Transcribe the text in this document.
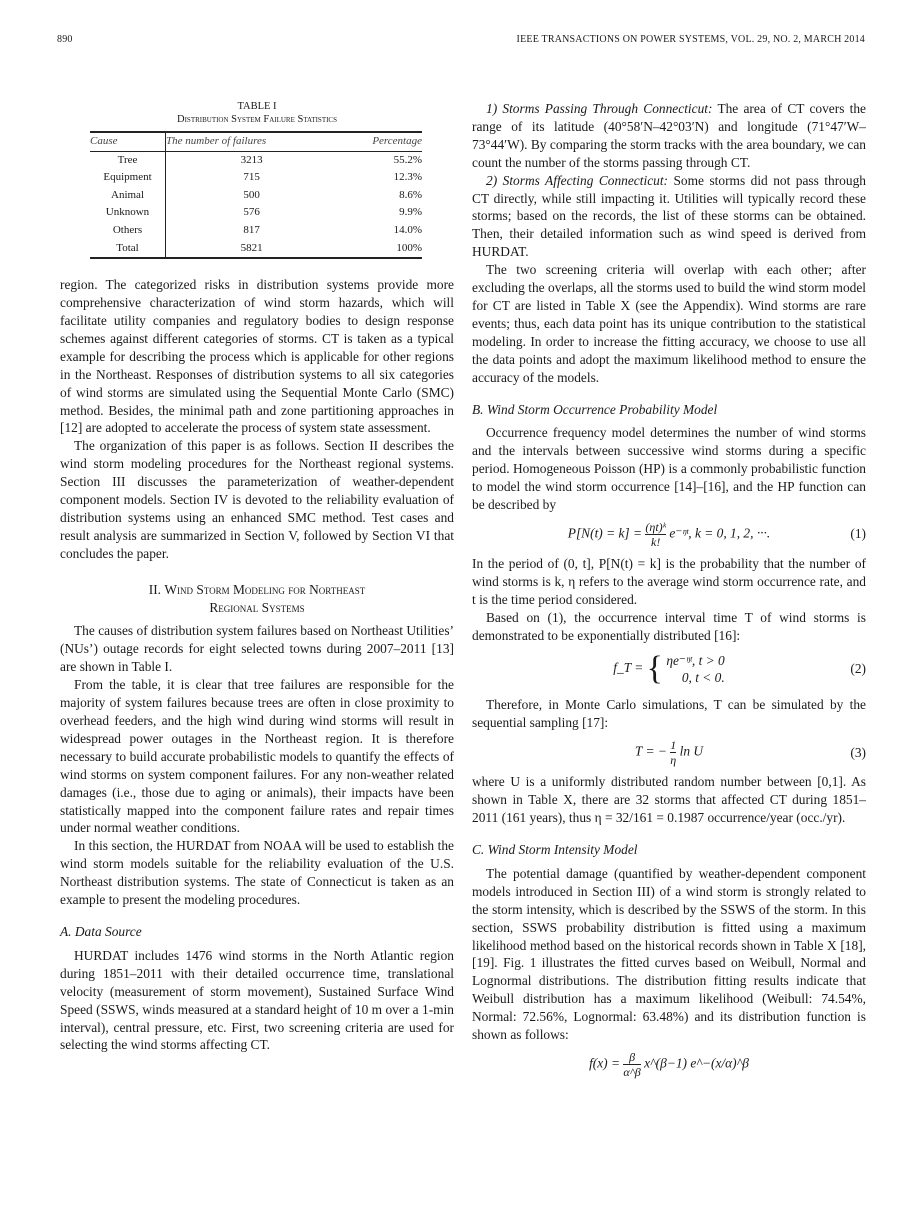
890	IEEE TRANSACTIONS ON POWER SYSTEMS, VOL. 29, NO. 2, MARCH 2014
TABLE I
Distribution System Failure Statistics
Cause	The number of failures	Percentage
Tree	3213	55.2%
Equipment	715	12.3%
Animal	500	8.6%
Unknown	576	9.9%
Others	817	14.0%
Total	5821	100%

region. The categorized risks in distribution systems provide more comprehensive characterization of wind storm hazards, which will facilitate utility companies and regulatory bodies to design response schemes against different categories of storms. CT is taken as a typical example for describing the process which is applicable for other regions in the Northeast. Responses of distribution systems to all six categories of wind storms are simulated using the Sequential Monte Carlo (SMC) method. Besides, the minimal path and zone partitioning approaches in [12] are adopted to accelerate the process of system state assessment.

The organization of this paper is as follows. Section II describes the wind storm modeling procedures for the Northeast regional systems. Section III discusses the parameterization of weather-dependent component models. Section IV is devoted to the reliability evaluation of distribution systems using an enhanced SMC method. Test cases and result analysis are summarized in Section V, followed by Section VI that concludes the paper.

II. Wind Storm Modeling for Northeast
Regional Systems

The causes of distribution system failures based on Northeast Utilities’ (NUs’) outage records for eight selected towns during 2007–2011 [13] are shown in Table I.

From the table, it is clear that tree failures are responsible for the majority of system failures because trees are often in close proximity to overhead feeders, and the high wind during wind storms will result in widespread power outages in the Northeast region. It is therefore necessary to build accurate probabilistic models to quantify the effects of wind storms on system component failures. For any non-weather related damages (i.e., those due to aging or animals), their impacts have been statistically mapped into the component failure rates and repair times under normal weather conditions.

In this section, the HURDAT from NOAA will be used to establish the wind storm models suitable for the reliability evaluation of the U.S. Northeast distribution systems. The state of Connecticut is taken as an example to present the modeling procedures.

A. Data Source

HURDAT includes 1476 wind storms in the North Atlantic region during 1851–2011 with their detailed occurrence time, translational velocity (measurement of storm movement), Sustained Surface Wind Speed (SSWS, winds measured at a standard height of 10 m over a 1-min interval), central pressure, etc. First, two screening criteria are used for selecting the wind storms affecting CT.

1) Storms Passing Through Connecticut: The area of CT covers the range of its latitude (40°58′N–42°03′N) and longitude (71°47′W–73°44′W). By comparing the storm tracks with the area boundary, we can count the number of the storms passing through CT.

2) Storms Affecting Connecticut: Some storms did not pass through CT directly, while still impacting it. Utilities will typically record these storms; based on the records, the list of these storms can be obtained. Then, their detailed information such as wind speed is derived from HURDAT.

The two screening criteria will overlap with each other; after excluding the overlaps, all the storms used to build the wind storm model for CT are listed in Table X (see the Appendix). Wind storms are rare events; thus, each data point has its unique contribution to the statistical modeling. In order to increase the fitting accuracy, we choose to use all the data points and adopt the maximum likelihood method to ensure the accuracy of the models.

B. Wind Storm Occurrence Probability Model

Occurrence frequency model determines the number of wind storms and the intervals between successive wind storms during a specific period. Homogeneous Poisson (HP) is a commonly probabilistic function to model the wind storm occurrence [14]–[16], and the HP function can be described by

$P[N(t) = k] = \frac{\text{(ηt)ᵏ}}{k!}$ e⁻ᵑᵗ, k = 0, 1, 2, ···.	(1)

In the period of (0, t], P[N(t) = k] is the probability that the number of wind storms is k, η refers to the average wind storm occurrence rate, and t is the time period considered.

Based on (1), the occurrence interval time T of wind storms is demonstrated to be exponentially distributed [16]:

f_T = { ηe⁻ᵑᵗ, t > 0
0, t < 0.
(2)

Therefore, in Monte Carlo simulations, T can be simulated by the sequential sampling [17]:

T = − $\frac{1}{\eta}$ ln U	(3)

where U is a uniformly distributed random number between [0,1]. As shown in Table X, there are 32 storms that affected CT during 1851–2011 (161 years), thus η = 32/161 = 0.1987 occurrence/year (occ./yr).

C. Wind Storm Intensity Model

The potential damage (quantified by weather-dependent component models introduced in Section III) of a wind storm is strongly related to the storm intensity, which is described by the SSWS of the storm. In this section, SSWS probability distribution is fitted using a maximum likelihood method based on the historical records shown in Table X [18], [19]. Fig. 1 illustrates the fitted curves based on Weibull, Normal and Lognormal distributions. The distribution fitting results indicate that Weibull distribution has a maximum likelihood (Weibull: 74.54%, Normal: 72.56%, Lognormal: 63.48%) and its distribution function is shown as follows:

$f(x) = \frac{\beta}{\alpha\^{}\beta}$ x^(β−1) e^−(x/α)^β
